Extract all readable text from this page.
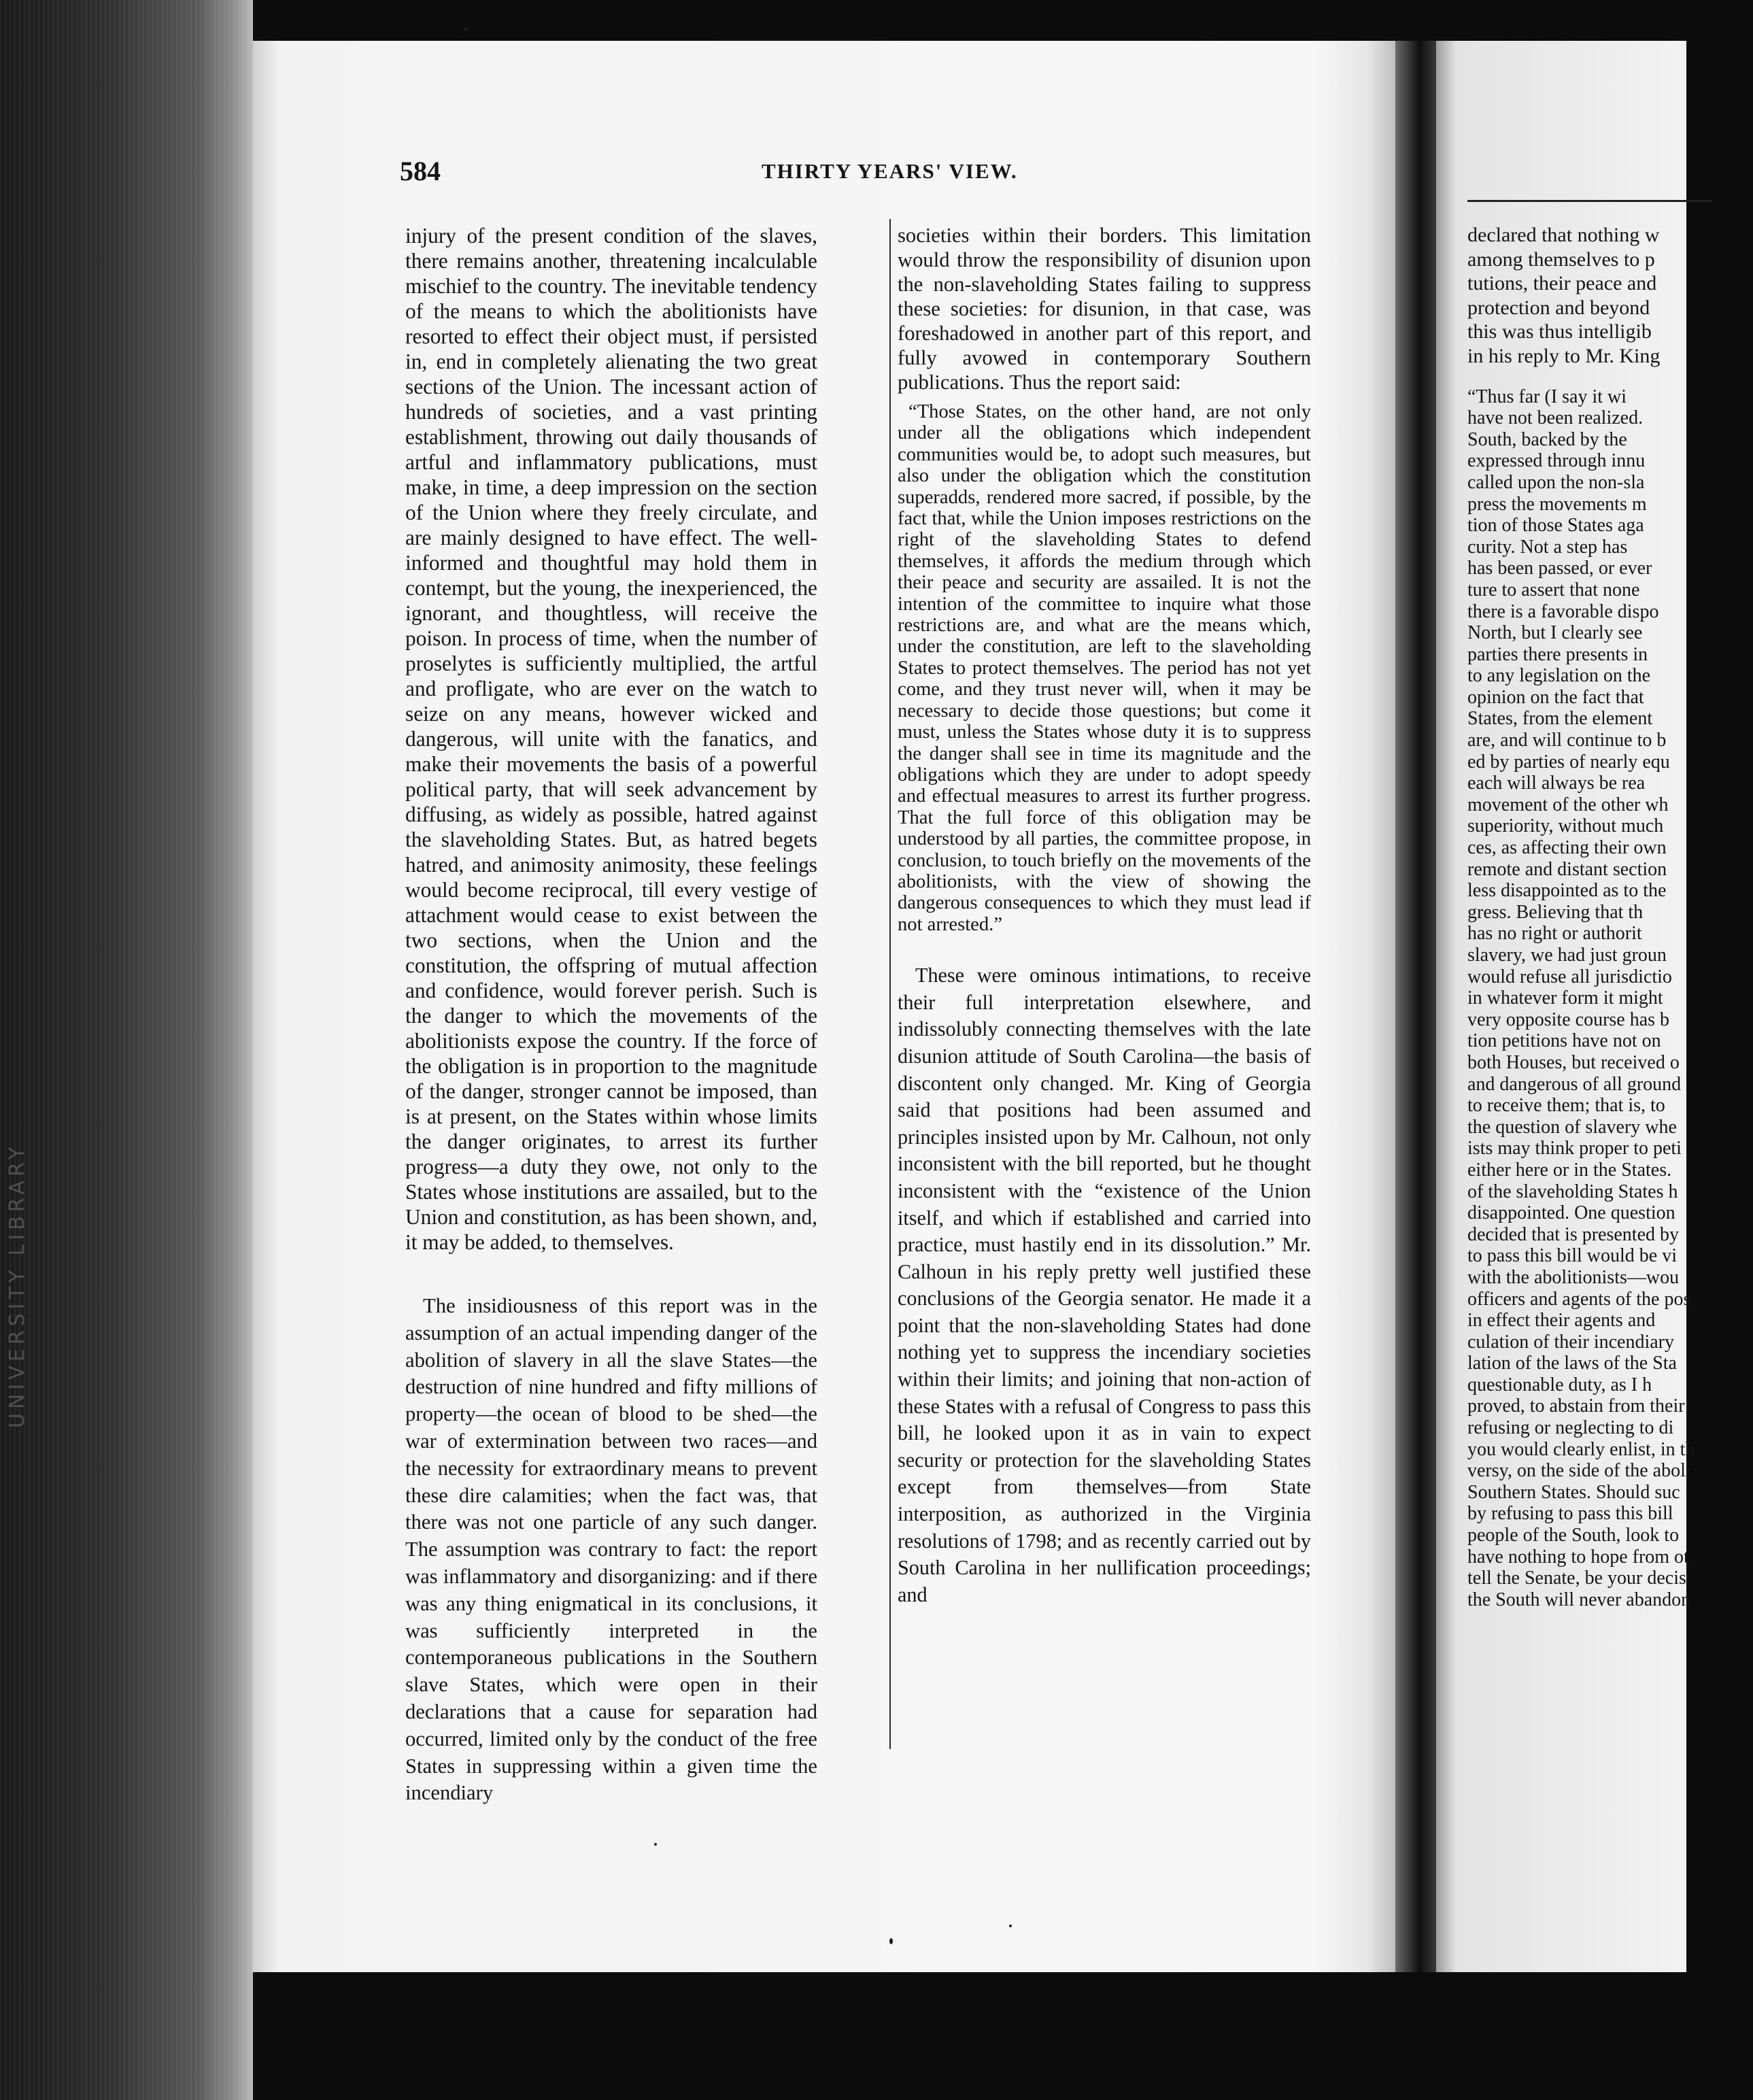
UNIVERSITY LIBRARY
584	THIRTY YEARS' VIEW.

injury of the present condition of the slaves, there remains another, threatening incalculable mischief to the country. The inevitable tendency of the means to which the abolitionists have resorted to effect their object must, if persisted in, end in completely alienating the two great sections of the Union. The incessant action of hundreds of societies, and a vast printing establishment, throwing out daily thousands of artful and inflammatory publications, must make, in time, a deep impression on the section of the Union where they freely circulate, and are mainly designed to have effect. The well-informed and thoughtful may hold them in contempt, but the young, the inexperienced, the ignorant, and thoughtless, will receive the poison. In process of time, when the number of proselytes is sufficiently multiplied, the artful and profligate, who are ever on the watch to seize on any means, however wicked and dangerous, will unite with the fanatics, and make their movements the basis of a powerful political party, that will seek advancement by diffusing, as widely as possible, hatred against the slaveholding States. But, as hatred begets hatred, and animosity animosity, these feelings would become reciprocal, till every vestige of attachment would cease to exist between the two sections, when the Union and the constitution, the offspring of mutual affection and confidence, would forever perish. Such is the danger to which the movements of the abolitionists expose the country. If the force of the obligation is in proportion to the magnitude of the danger, stronger cannot be imposed, than is at present, on the States within whose limits the danger originates, to arrest its further progress—a duty they owe, not only to the States whose institutions are assailed, but to the Union and constitution, as has been shown, and, it may be added, to themselves.

The insidiousness of this report was in the assumption of an actual impending danger of the abolition of slavery in all the slave States—the destruction of nine hundred and fifty millions of property—the ocean of blood to be shed—the war of extermination between two races—and the necessity for extraordinary means to prevent these dire calamities; when the fact was, that there was not one particle of any such danger. The assumption was contrary to fact: the report was inflammatory and disorganizing: and if there was any thing enigmatical in its conclusions, it was sufficiently interpreted in the contemporaneous publications in the Southern slave States, which were open in their declarations that a cause for separation had occurred, limited only by the conduct of the free States in suppressing within a given time the incendiary

societies within their borders. This limitation would throw the responsibility of disunion upon the non-slaveholding States failing to suppress these societies: for disunion, in that case, was foreshadowed in another part of this report, and fully avowed in contemporary Southern publications. Thus the report said:

“Those States, on the other hand, are not only under all the obligations which independent communities would be, to adopt such measures, but also under the obligation which the constitution superadds, rendered more sacred, if possible, by the fact that, while the Union imposes restrictions on the right of the slaveholding States to defend themselves, it affords the medium through which their peace and security are assailed. It is not the intention of the committee to inquire what those restrictions are, and what are the means which, under the constitution, are left to the slaveholding States to protect themselves. The period has not yet come, and they trust never will, when it may be necessary to decide those questions; but come it must, unless the States whose duty it is to suppress the danger shall see in time its magnitude and the obligations which they are under to adopt speedy and effectual measures to arrest its further progress. That the full force of this obligation may be understood by all parties, the committee propose, in conclusion, to touch briefly on the movements of the abolitionists, with the view of showing the dangerous consequences to which they must lead if not arrested.”

These were ominous intimations, to receive their full interpretation elsewhere, and indissolubly connecting themselves with the late disunion attitude of South Carolina—the basis of discontent only changed. Mr. King of Georgia said that positions had been assumed and principles insisted upon by Mr. Calhoun, not only inconsistent with the bill reported, but he thought inconsistent with the “existence of the Union itself, and which if established and carried into practice, must hastily end in its dissolution.” Mr. Calhoun in his reply pretty well justified these conclusions of the Georgia senator. He made it a point that the non-slaveholding States had done nothing yet to suppress the incendiary societies within their limits; and joining that non-action of these States with a refusal of Congress to pass this bill, he looked upon it as in vain to expect security or protection for the slaveholding States except from themselves—from State interposition, as authorized in the Virginia resolutions of 1798; and as recently carried out by South Carolina in her nullification proceedings; and

declared that nothing w
among themselves to p
tutions, their peace and
protection and beyond
this was thus intelligib
in his reply to Mr. King
“Thus far (I say it wi
have not been realized.
South, backed by the
expressed through innu
called upon the non-sla
press the movements m
tion of those States aga
curity. Not a step has
has been passed, or ever
ture to assert that none
there is a favorable dispo
North, but I clearly see
parties there presents in
to any legislation on the
opinion on the fact that
States, from the element
are, and will continue to b
ed by parties of nearly equ
each will always be rea
movement of the other wh
superiority, without much
ces, as affecting their own
remote and distant section
less disappointed as to the
gress. Believing that th
has no right or authorit
slavery, we had just groun
would refuse all jurisdictio
in whatever form it might
very opposite course has b
tion petitions have not on
both Houses, but received o
and dangerous of all ground
to receive them; that is, to
the question of slavery whe
ists may think proper to peti
either here or in the States.
of the slaveholding States h
disappointed. One question
decided that is presented by
to pass this bill would be vi
with the abolitionists—wou
officers and agents of the pos
in effect their agents and
culation of their incendiary
lation of the laws of the Sta
questionable duty, as I h
proved, to abstain from their
refusing or neglecting to di
you would clearly enlist, in th
versy, on the side of the aboli
Southern States. Should suc
by refusing to pass this bill
people of the South, look to
have nothing to hope from ot
tell the Senate, be your decis
the South will never abandon
